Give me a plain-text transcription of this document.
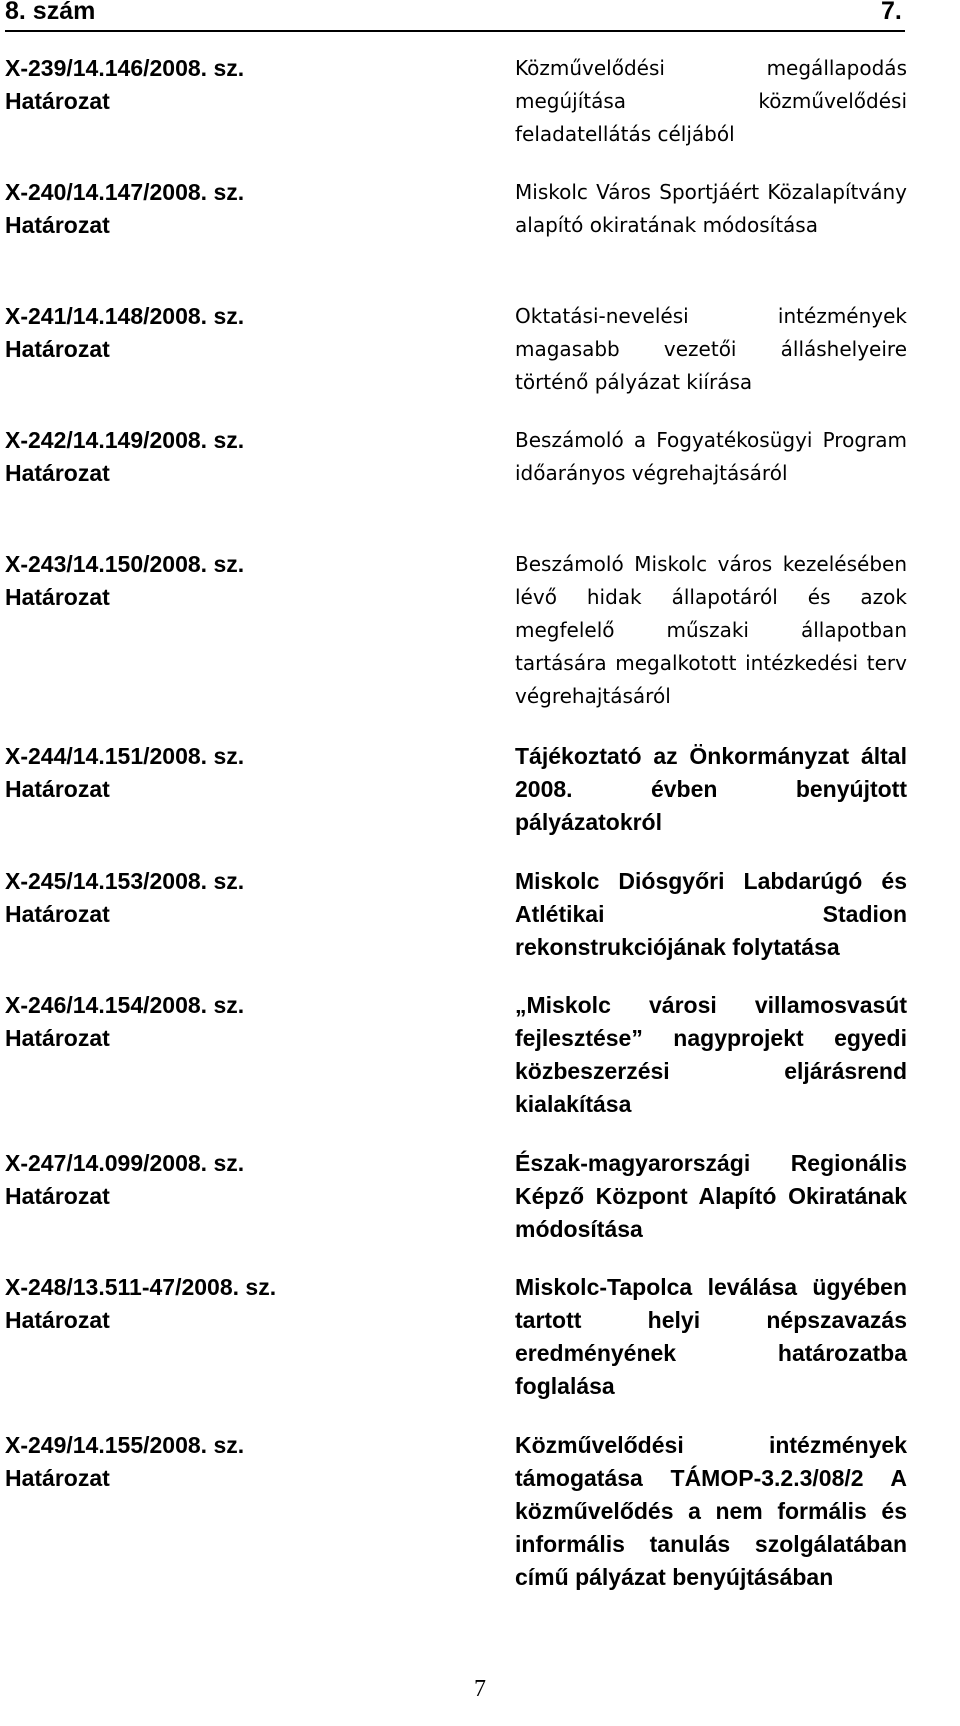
8. szám	7.
X-239/14.146/2008. sz.
Határozat
Közművelődési megállapodás megújítása közművelődési feladatellátás céljából
X-240/14.147/2008. sz.
Határozat
Miskolc Város Sportjáért Közalapítvány alapító okiratának módosítása
X-241/14.148/2008. sz.
Határozat
Oktatási-nevelési intézmények magasabb vezetői álláshelyeire történő pályázat kiírása
X-242/14.149/2008. sz.
Határozat
Beszámoló a Fogyatékosügyi Program időarányos végrehajtásáról
X-243/14.150/2008. sz.
Határozat
Beszámoló Miskolc város kezelésében lévő hidak állapotáról és azok megfelelő műszaki állapotban tartására megalkotott intézkedési terv végrehajtásáról
X-244/14.151/2008. sz.
Határozat
Tájékoztató az Önkormányzat által 2008. évben benyújtott pályázatokról
X-245/14.153/2008. sz.
Határozat
Miskolc Diósgyőri Labdarúgó és Atlétikai Stadion rekonstrukciójának folytatása
X-246/14.154/2008. sz.
Határozat
„Miskolc városi villamosvasút fejlesztése” nagyprojekt egyedi közbeszerzési eljárásrend kialakítása
X-247/14.099/2008. sz.
Határozat
Észak-magyarországi Regionális Képző Központ Alapító Okiratának módosítása
X-248/13.511-47/2008. sz.
Határozat
Miskolc-Tapolca leválása ügyében tartott helyi népszavazás eredményének határozatba foglalása
X-249/14.155/2008. sz.
Határozat
Közművelődési intézmények támogatása TÁMOP-3.2.3/08/2 A közművelődés a nem formális és informális tanulás szolgálatában című pályázat benyújtásában
7
